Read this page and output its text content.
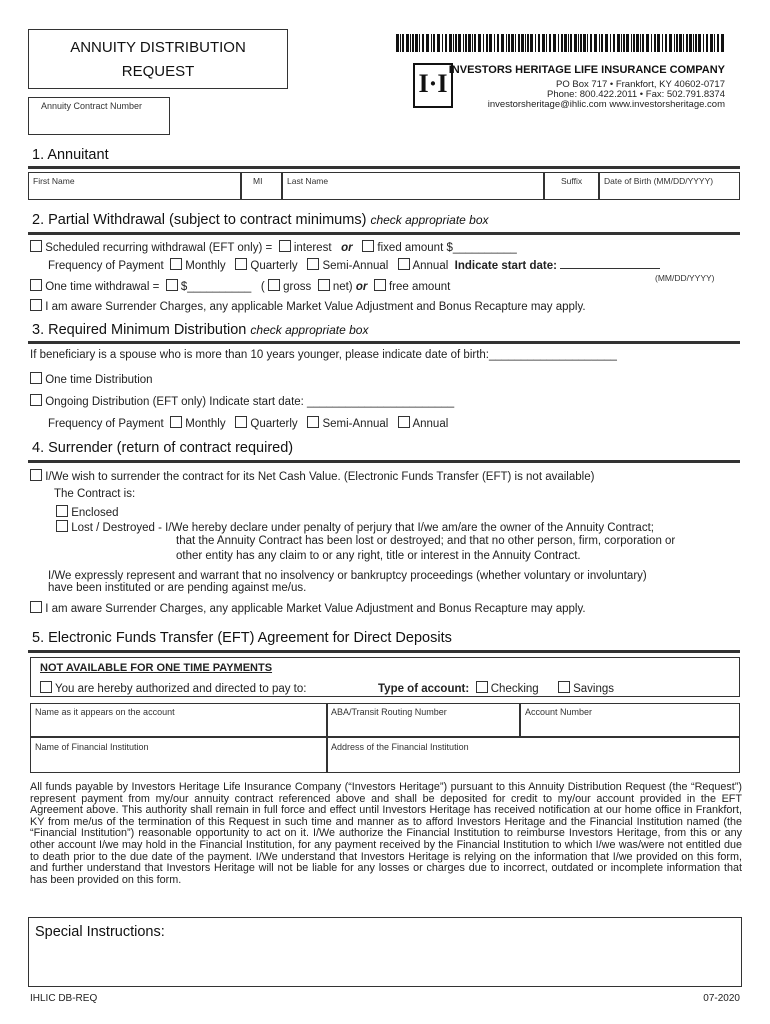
ANNUITY DISTRIBUTION
REQUEST
Annuity Contract Number
I·I INVESTORS HERITAGE LIFE INSURANCE COMPANY
PO Box 717 • Frankfort, KY 40602-0717
Phone: 800.422.2011 • Fax: 502.791.8374
investorsheritage@ihlic.com www.investorsheritage.com
1. Annuitant
First Name	MI	Last Name	Suffix	Date of Birth (MM/DD/YYYY)
2. Partial Withdrawal (subject to contract minimums) check appropriate box
Scheduled recurring withdrawal (EFT only) = interest or fixed amount $__________
Frequency of Payment Monthly Quarterly Semi-Annual Annual Indicate start date:
(MM/DD/YYYY)
One time withdrawal = $__________ ( gross net) or free amount
I am aware Surrender Charges, any applicable Market Value Adjustment and Bonus Recapture may apply.
3. Required Minimum Distribution check appropriate box
If beneficiary is a spouse who is more than 10 years younger, please indicate date of birth:____________________
One time Distribution
Ongoing Distribution (EFT only) Indicate start date: _______________________
Frequency of Payment Monthly Quarterly Semi-Annual Annual
4. Surrender (return of contract required)
I/We wish to surrender the contract for its Net Cash Value. (Electronic Funds Transfer (EFT) is not available)
The Contract is:
Enclosed
Lost / Destroyed - I/We hereby declare under penalty of perjury that I/we am/are the owner of the Annuity Contract;
that the Annuity Contract has been lost or destroyed; and that no other person, firm, corporation or
other entity has any claim to or any right, title or interest in the Annuity Contract.
I/We expressly represent and warrant that no insolvency or bankruptcy proceedings (whether voluntary or involuntary)
have been instituted or are pending against me/us.
I am aware Surrender Charges, any applicable Market Value Adjustment and Bonus Recapture may apply.
5. Electronic Funds Transfer (EFT) Agreement for Direct Deposits
NOT AVAILABLE FOR ONE TIME PAYMENTS
You are hereby authorized and directed to pay to:	Type of account: Checking	Savings
Name as it appears on the account	ABA/Transit Routing Number	Account Number
Name of Financial Institution	Address of the Financial Institution
All funds payable by Investors Heritage Life Insurance Company (“Investors Heritage”) pursuant to this Annuity Distribution Request (the “Request”) represent payment from my/our annuity contract referenced above and shall be deposited for credit to my/our account provided in the EFT Agreement above. This authority shall remain in full force and effect until Investors Heritage has received notification at our home office in Frankfort, KY from me/us of the termination of this Request in such time and manner as to afford Investors Heritage and the Financial Institution named (the “Financial Institution”) reasonable opportunity to act on it. I/We authorize the Financial Institution to reimburse Investors Heritage, from this or any other account I/we may hold in the Financial Institution, for any payment received by the Financial Institution to which I/we was/were not entitled due to death prior to the due date of the payment. I/We understand that Investors Heritage is relying on the information that I/we provided on this form, and further understand that Investors Heritage will not be liable for any losses or charges due to incorrect, outdated or incomplete information that has been provided on this form.
Special Instructions:
IHLIC DB-REQ	07-2020
